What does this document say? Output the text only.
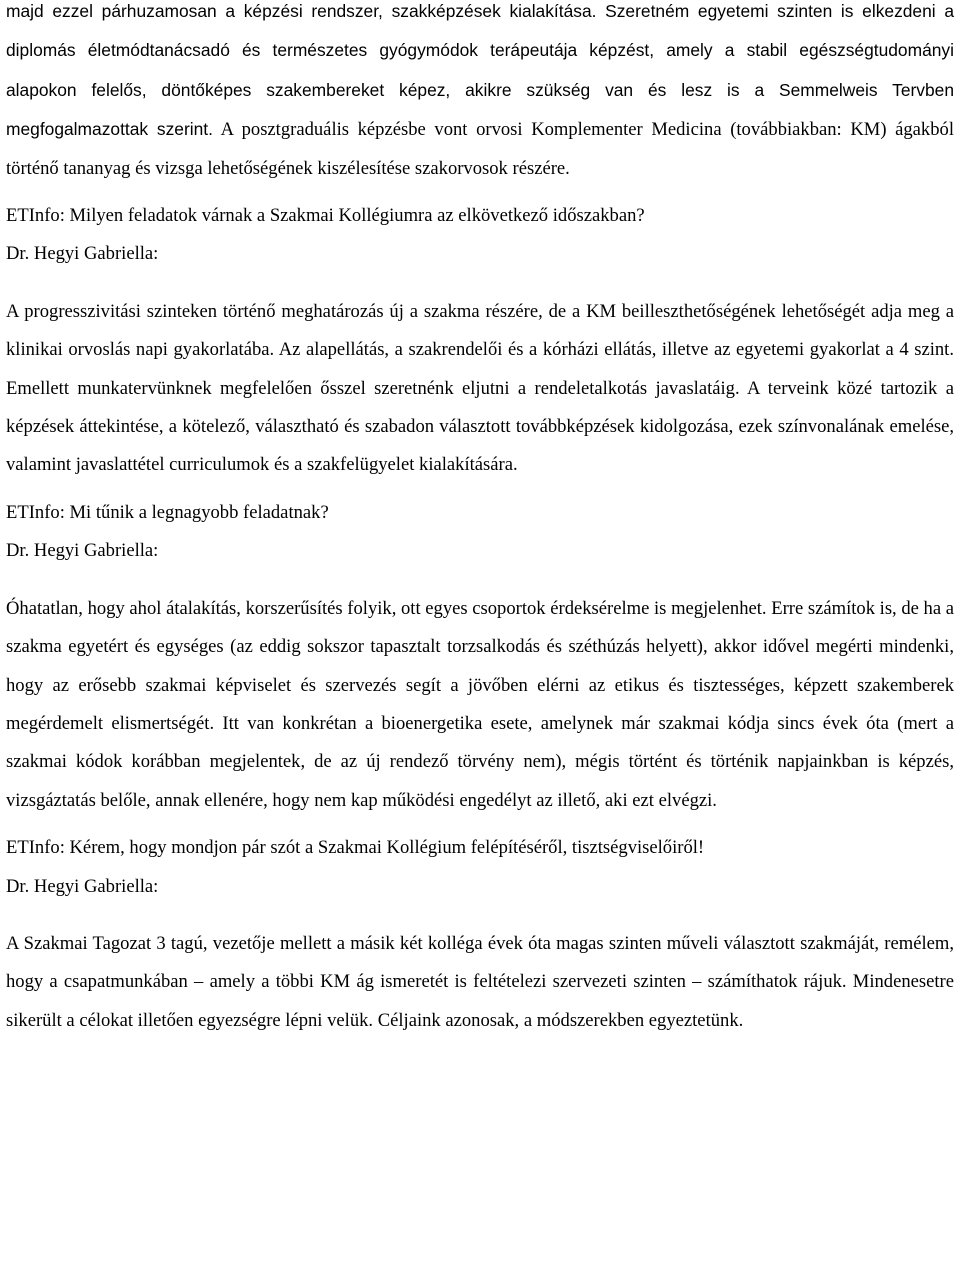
majd ezzel párhuzamosan a képzési rendszer, szakképzések kialakítása. Szeretném egyetemi szinten is elkezdeni a diplomás életmódtanácsadó és természetes gyógymódok terápeutája képzést, amely a stabil egészségtudományi alapokon felelős, döntőképes szakembereket képez, akikre szükség van és lesz is a Semmelweis Tervben megfogalmazottak szerint. A posztgraduális képzésbe vont orvosi Komplementer Medicina (továbbiakban: KM) ágakból történő tananyag és vizsga lehetőségének kiszélesítése szakorvosok részére.

ETInfo: Milyen feladatok várnak a Szakmai Kollégiumra az elkövetkező időszakban?

Dr. Hegyi Gabriella:

A progresszivitási szinteken történő meghatározás új a szakma részére, de a KM beilleszthetőségének lehetőségét adja meg a klinikai orvoslás napi gyakorlatába. Az alapellátás, a szakrendelői és a kórházi ellátás, illetve az egyetemi gyakorlat a 4 szint. Emellett munkatervünknek megfelelően ősszel szeretnénk eljutni a rendeletalkotás javaslatáig. A terveink közé tartozik a képzések áttekintése, a kötelező, választható és szabadon választott továbbképzések kidolgozása, ezek színvonalának emelése, valamint javaslattétel curriculumok és a szakfelügyelet kialakítására.

ETInfo: Mi tűnik a legnagyobb feladatnak?

Dr. Hegyi Gabriella:

Óhatatlan, hogy ahol átalakítás, korszerűsítés folyik, ott egyes csoportok érdeksérelme is megjelenhet. Erre számítok is, de ha a szakma egyetért és egységes (az eddig sokszor tapasztalt torzsalkodás és széthúzás helyett), akkor idővel megérti mindenki, hogy az erősebb szakmai képviselet és szervezés segít a jövőben elérni az etikus és tisztességes, képzett szakemberek megérdemelt elismertségét. Itt van konkrétan a bioenergetika esete, amelynek már szakmai kódja sincs évek óta (mert a szakmai kódok korábban megjelentek, de az új rendező törvény nem), mégis történt és történik napjainkban is képzés, vizsgáztatás belőle, annak ellenére, hogy nem kap működési engedélyt az illető, aki ezt elvégzi.

ETInfo: Kérem, hogy mondjon pár szót a Szakmai Kollégium felépítéséről, tisztségviselőiről!

Dr. Hegyi Gabriella:

A Szakmai Tagozat 3 tagú, vezetője mellett a másik két kolléga évek óta magas szinten műveli választott szakmáját, remélem, hogy a csapatmunkában – amely a többi KM ág ismeretét is feltételezi szervezeti szinten – számíthatok rájuk. Mindenesetre sikerült a célokat illetően egyezségre lépni velük. Céljaink azonosak, a módszerekben egyeztetünk.
